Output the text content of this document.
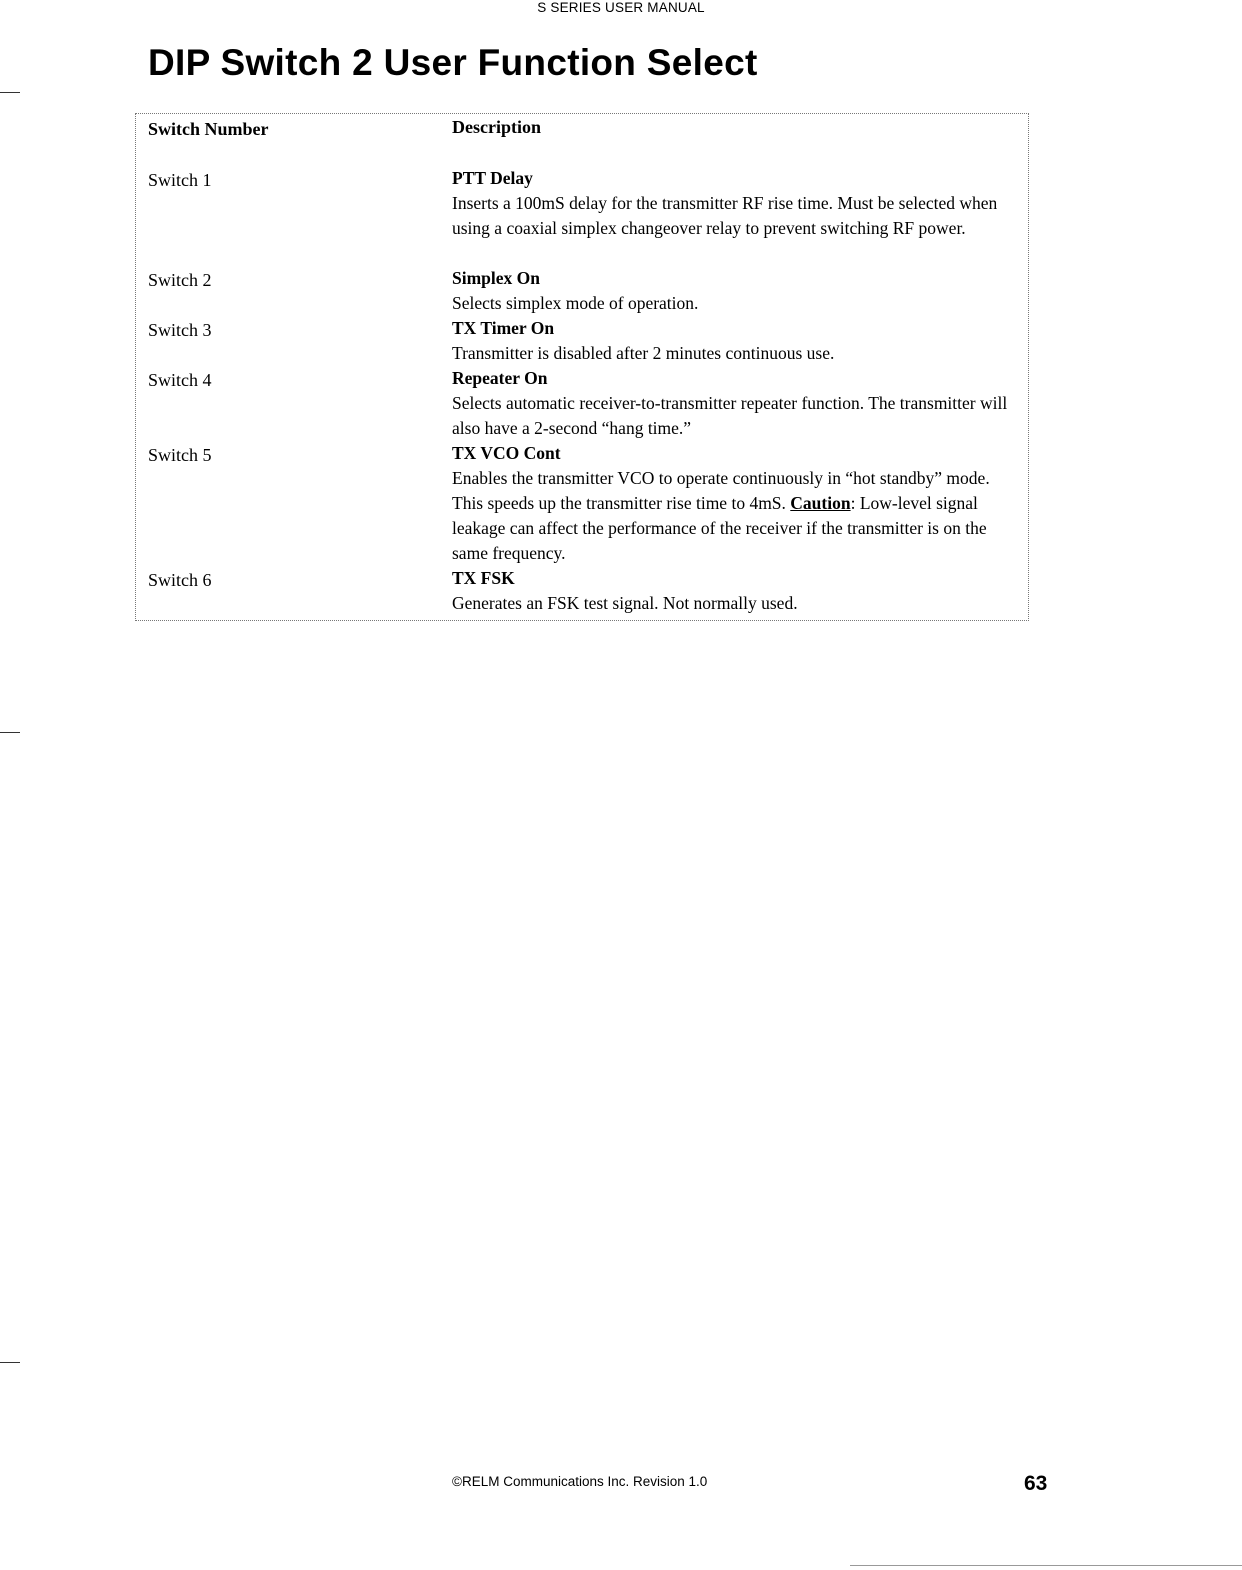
S SERIES USER MANUAL
DIP Switch 2 User Function Select
Switch Number	Description
Switch 1	PTT Delay
Inserts a 100mS delay for the transmitter RF rise time. Must be selected when using a coaxial simplex changeover relay to prevent switching RF power.
Switch 2	Simplex On
Selects simplex mode of operation.
Switch 3	TX Timer On
Transmitter is disabled after 2 minutes continuous use.
Switch 4	Repeater On
Selects automatic receiver-to-transmitter repeater function. The transmitter will also have a 2-second “hang time.”
Switch 5	TX VCO Cont
Enables the transmitter VCO to operate continuously in “hot standby” mode. This speeds up the transmitter rise time to 4mS. Caution: Low-level signal leakage can affect the performance of the receiver if the transmitter is on the same frequency.
Switch 6	TX FSK
Generates an FSK test signal. Not normally used.
©RELM Communications Inc. Revision 1.0	63
